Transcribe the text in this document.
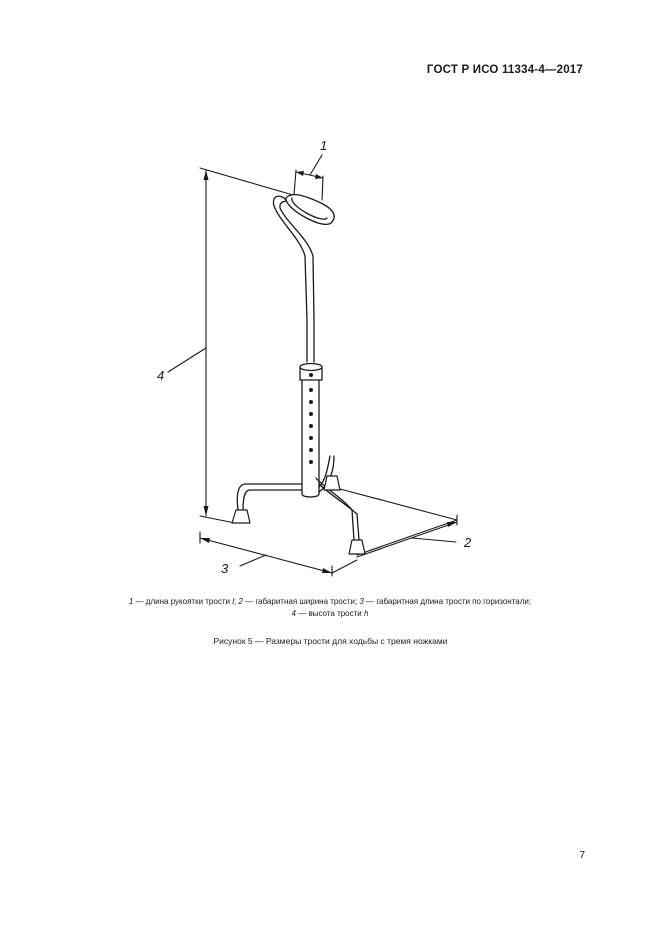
ГОСТ Р ИСО 11334-4—2017
1
2
3
4
1 — длина рукоятки трости l; 2 — габаритная ширина трости; 3 — габаритная длина трости по горизонтали;
4 — высота трости h
Рисунок 5 — Размеры трости для ходьбы с тремя ножками
7
